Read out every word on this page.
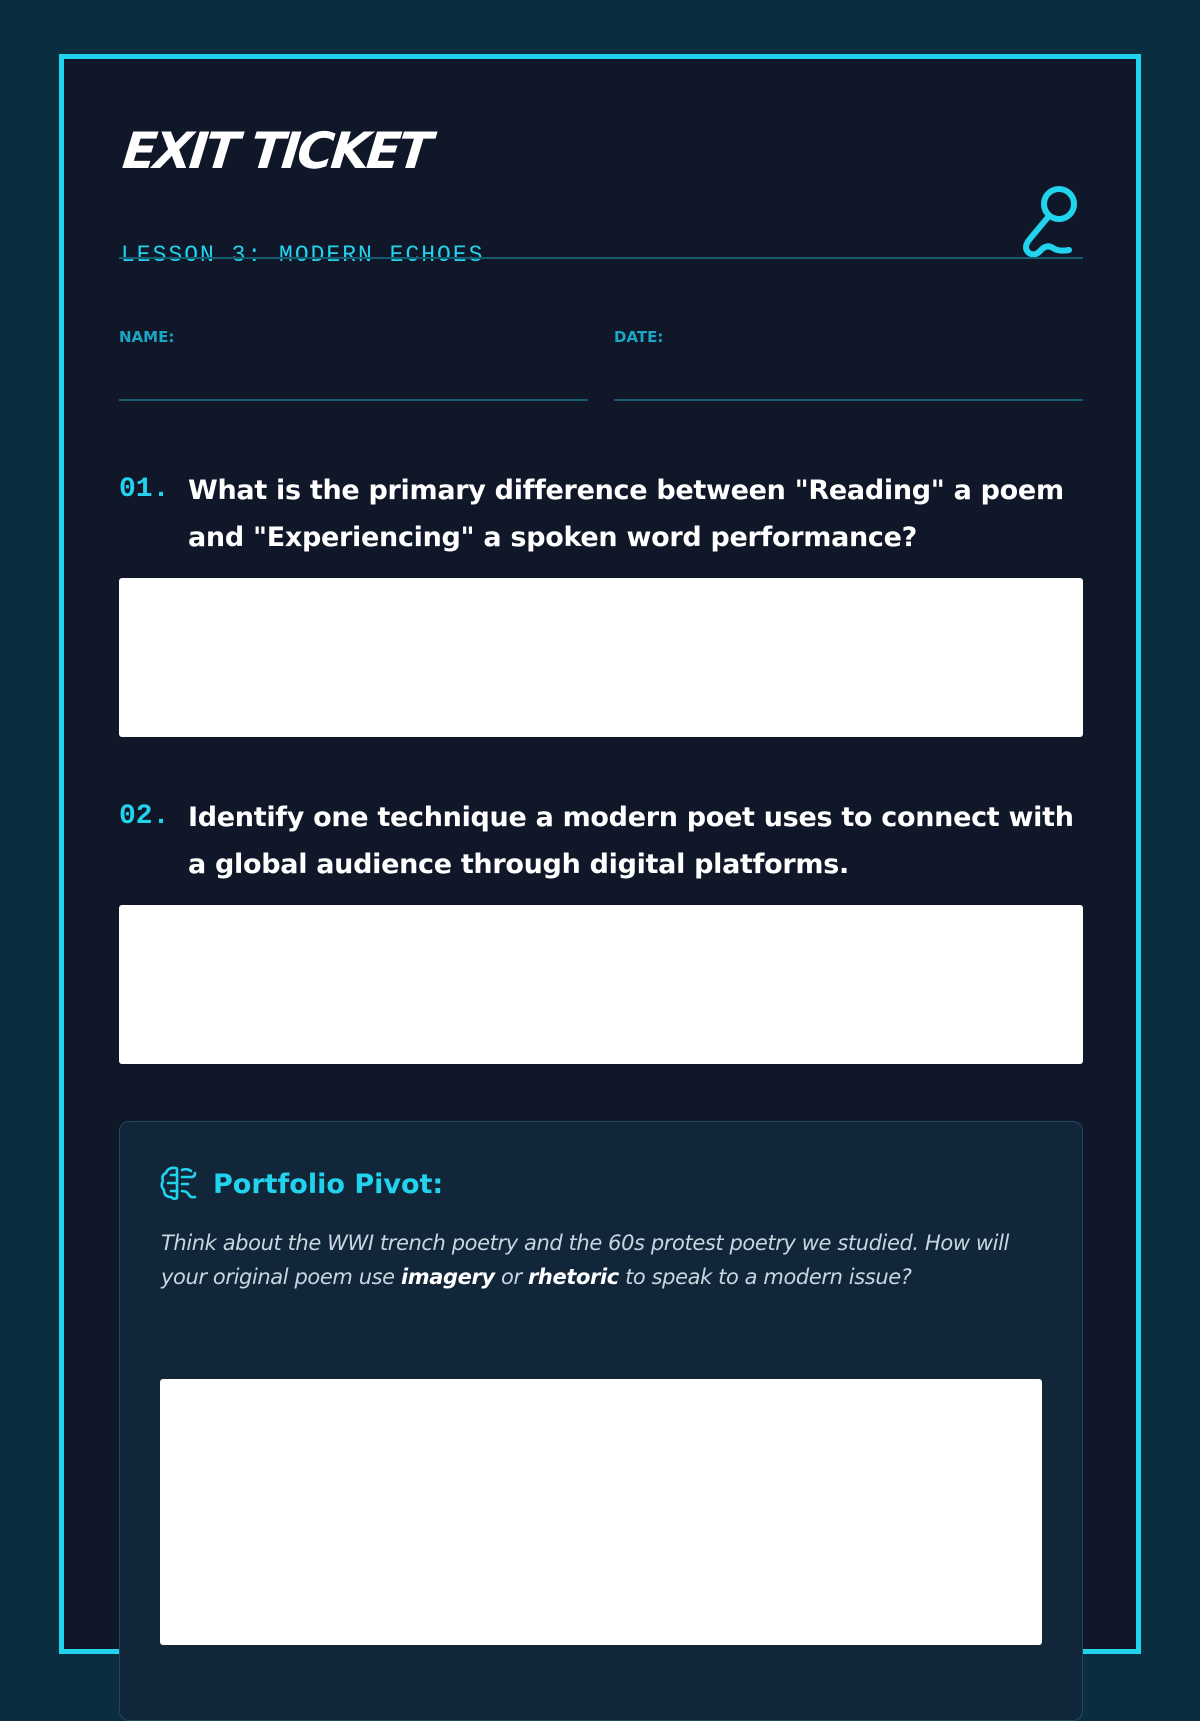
EXIT TICKET
LESSON 3: MODERN ECHOES
NAME:	DATE:
01. What is the primary difference between "Reading" a poem and "Experiencing" a spoken word performance?
02. Identify one technique a modern poet uses to connect with a global audience through digital platforms.
Portfolio Pivot:

Think about the WWI trench poetry and the 60s protest poetry we studied. How will your original poem use imagery or rhetoric to speak to a modern issue?
